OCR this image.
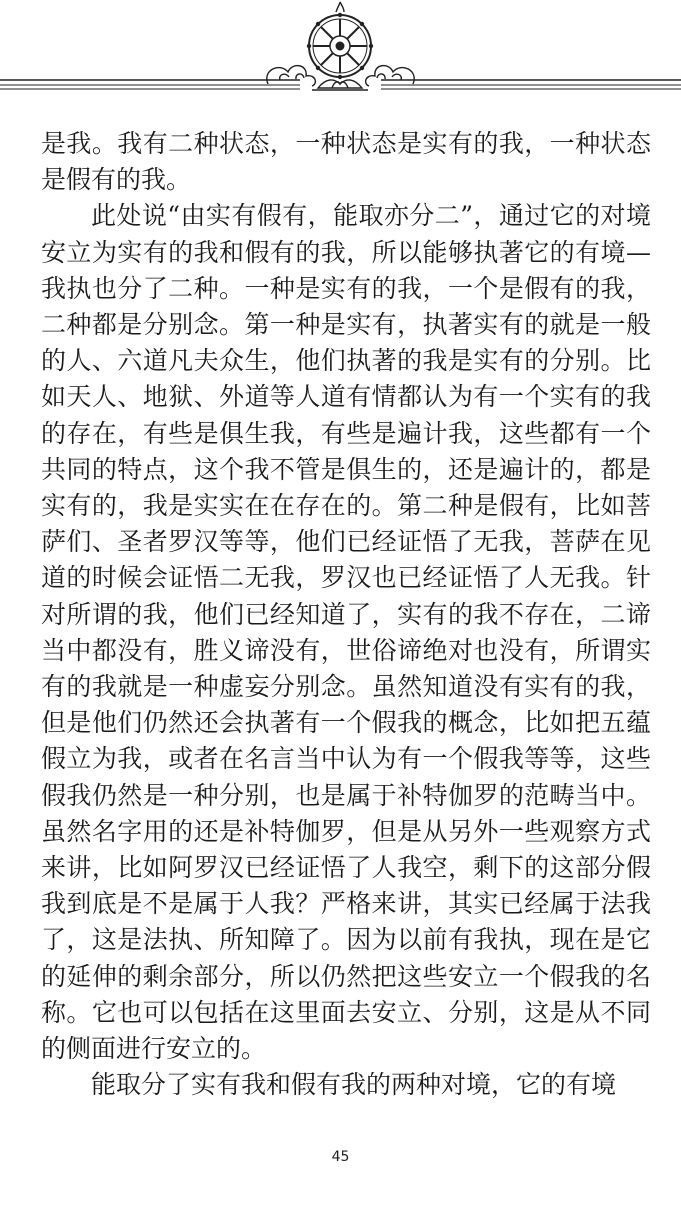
是我。我有二种状态，一种状态是实有的我，一种状态是假有的我。

此处说“由实有假有，能取亦分二”，通过它的对境安立为实有的我和假有的我，所以能够执著它的有境—我执也分了二种。一种是实有的我，一个是假有的我，二种都是分别念。第一种是实有，执著实有的就是一般的人、六道凡夫众生，他们执著的我是实有的分别。比如天人、地狱、外道等人道有情都认为有一个实有的我的存在，有些是俱生我，有些是遍计我，这些都有一个共同的特点，这个我不管是俱生的，还是遍计的，都是实有的，我是实实在在存在的。第二种是假有，比如菩萨们、圣者罗汉等等，他们已经证悟了无我，菩萨在见道的时候会证悟二无我，罗汉也已经证悟了人无我。针对所谓的我，他们已经知道了，实有的我不存在，二谛当中都没有，胜义谛没有，世俗谛绝对也没有，所谓实有的我就是一种虚妄分别念。虽然知道没有实有的我，但是他们仍然还会执著有一个假我的概念，比如把五蕴假立为我，或者在名言当中认为有一个假我等等，这些假我仍然是一种分别，也是属于补特伽罗的范畴当中。虽然名字用的还是补特伽罗，但是从另外一些观察方式来讲，比如阿罗汉已经证悟了人我空，剩下的这部分假我到底是不是属于人我？严格来讲，其实已经属于法我了，这是法执、所知障了。因为以前有我执，现在是它的延伸的剩余部分，所以仍然把这些安立一个假我的名称。它也可以包括在这里面去安立、分别，这是从不同的侧面进行安立的。

能取分了实有我和假有我的两种对境，它的有境

45
